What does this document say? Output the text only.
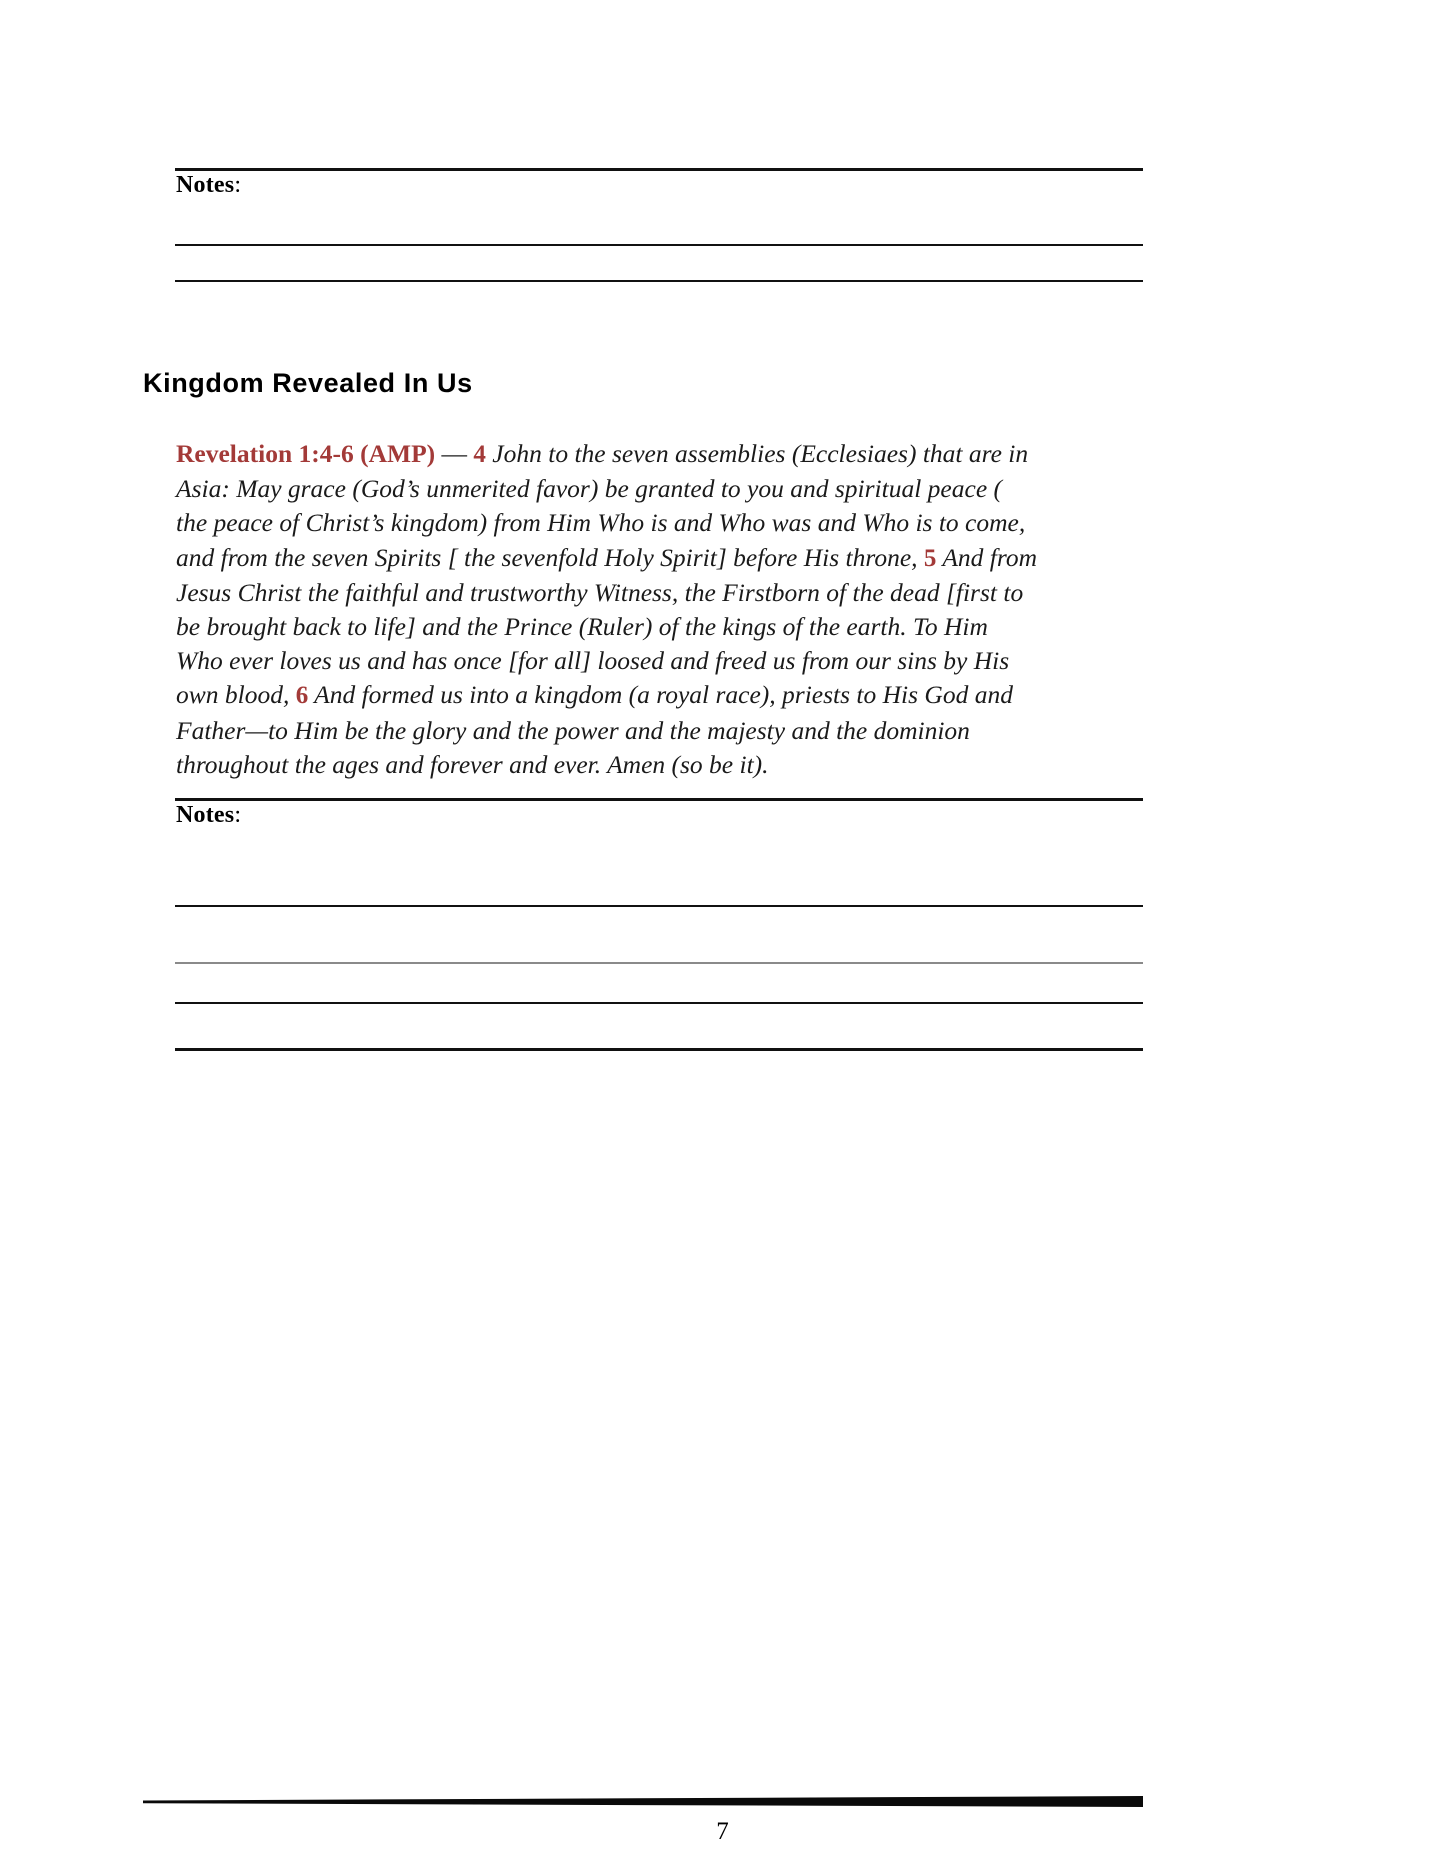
Notes:
Kingdom Revealed In Us
Revelation 1:4-6 (AMP) — 4 John to the seven assemblies (Ecclesiaes) that are in Asia: May grace (God’s unmerited favor) be granted to you and spiritual peace ( the peace of Christ’s kingdom) from Him Who is and Who was and Who is to come, and from the seven Spirits [ the sevenfold Holy Spirit] before His throne, 5 And from Jesus Christ the faithful and trustworthy Witness, the Firstborn of the dead [first to be brought back to life] and the Prince (Ruler) of the kings of the earth. To Him Who ever loves us and has once [for all] loosed and freed us from our sins by His own blood, 6 And formed us into a kingdom (a royal race), priests to His God and Father—to Him be the glory and the power and the majesty and the dominion throughout the ages and forever and ever. Amen (so be it).
Notes:
7
